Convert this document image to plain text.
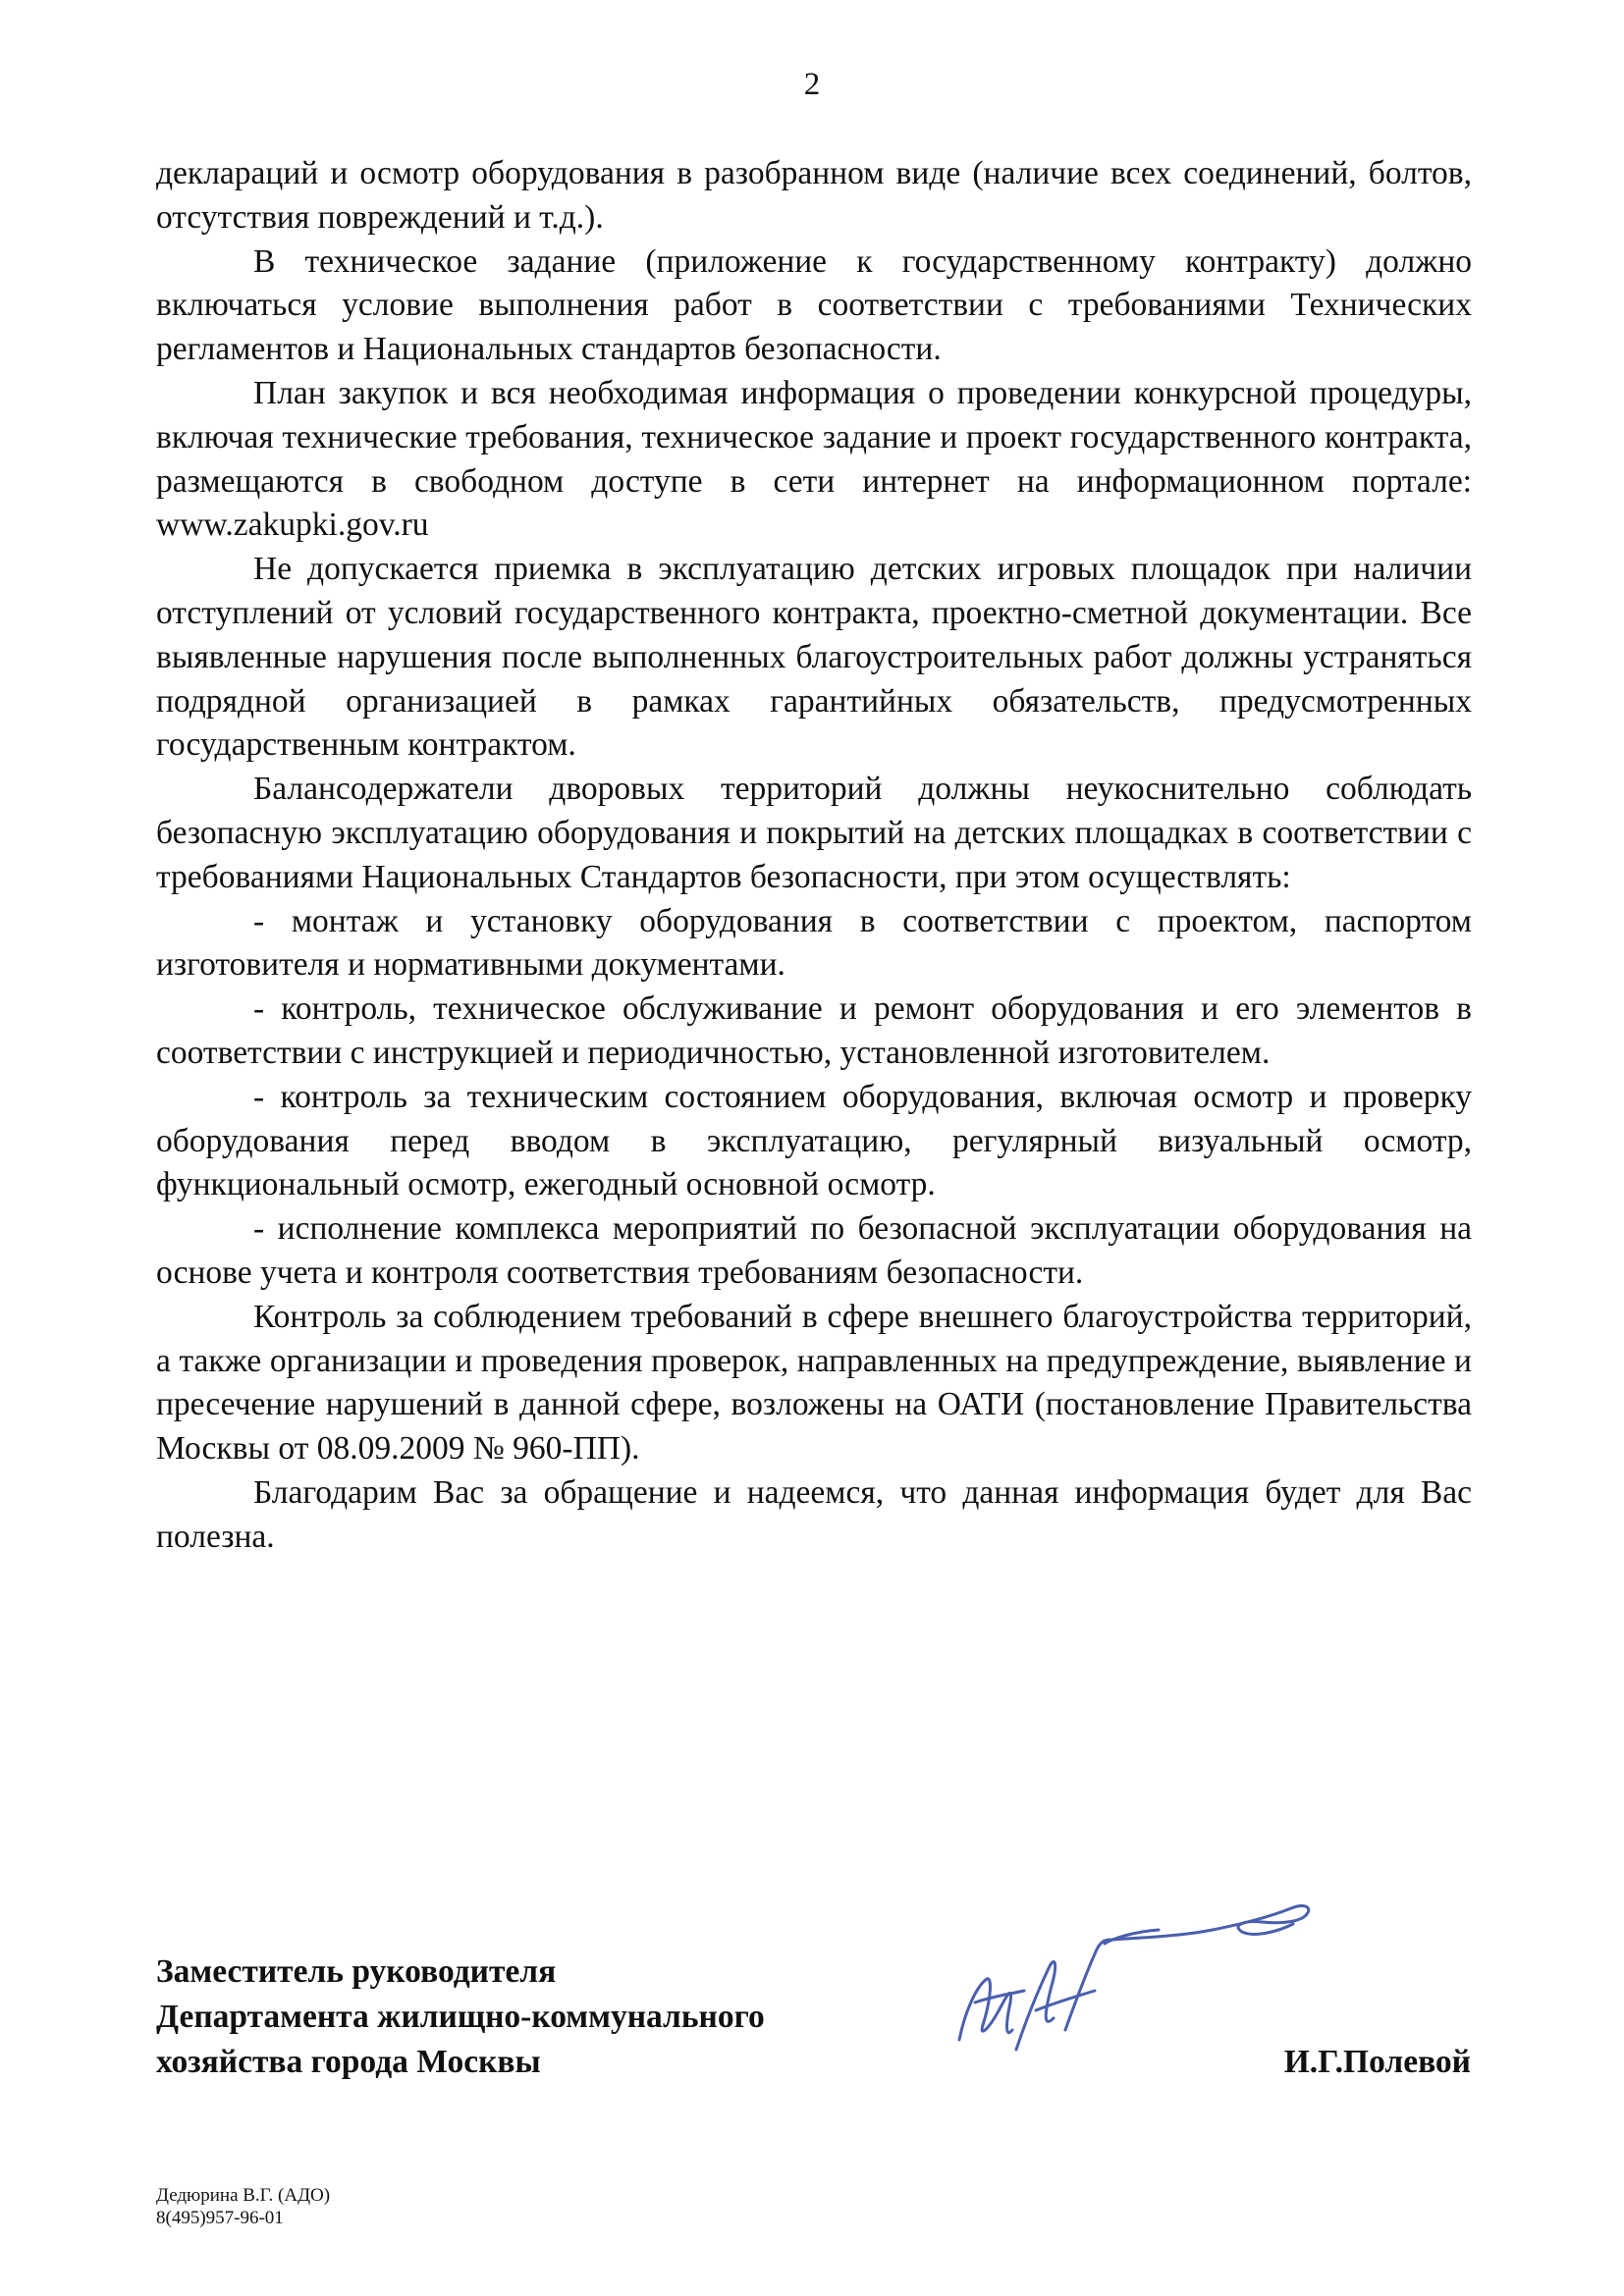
2

деклараций и осмотр оборудования в разобранном виде (наличие всех соединений, болтов, отсутствия повреждений и т.д.).

В техническое задание (приложение к государственному контракту) должно включаться условие выполнения работ в соответствии с требованиями Технических регламентов и Национальных стандартов безопасности.

План закупок и вся необходимая информация о проведении конкурсной процедуры, включая технические требования, техническое задание и проект государственного контракта, размещаются в свободном доступе в сети интернет на информационном портале: www.zakupki.gov.ru

Не допускается приемка в эксплуатацию детских игровых площадок при наличии отступлений от условий государственного контракта, проектно-сметной документации. Все выявленные нарушения после выполненных благоустроительных работ должны устраняться подрядной организацией в рамках гарантийных обязательств, предусмотренных государственным контрактом.

Балансодержатели дворовых территорий должны неукоснительно соблюдать безопасную эксплуатацию оборудования и покрытий на детских площадках в соответствии с требованиями Национальных Стандартов безопасности, при этом осуществлять:

- монтаж и установку оборудования в соответствии с проектом, паспортом изготовителя и нормативными документами.

- контроль, техническое обслуживание и ремонт оборудования и его элементов в соответствии с инструкцией и периодичностью, установленной изготовителем.

- контроль за техническим состоянием оборудования, включая осмотр и проверку оборудования перед вводом в эксплуатацию, регулярный визуальный осмотр, функциональный осмотр, ежегодный основной осмотр.

- исполнение комплекса мероприятий по безопасной эксплуатации оборудования на основе учета и контроля соответствия требованиям безопасности.

Контроль за соблюдением требований в сфере внешнего благоустройства территорий, а также организации и проведения проверок, направленных на предупреждение, выявление и пресечение нарушений в данной сфере, возложены на ОАТИ (постановление Правительства Москвы от 08.09.2009 № 960-ПП).

Благодарим Вас за обращение и надеемся, что данная информация будет для Вас полезна.

Заместитель руководителя
Департамента жилищно-коммунального
хозяйства города Москвы	И.Г.Полевой
Дедюрина В.Г. (АДО)
8(495)957-96-01
